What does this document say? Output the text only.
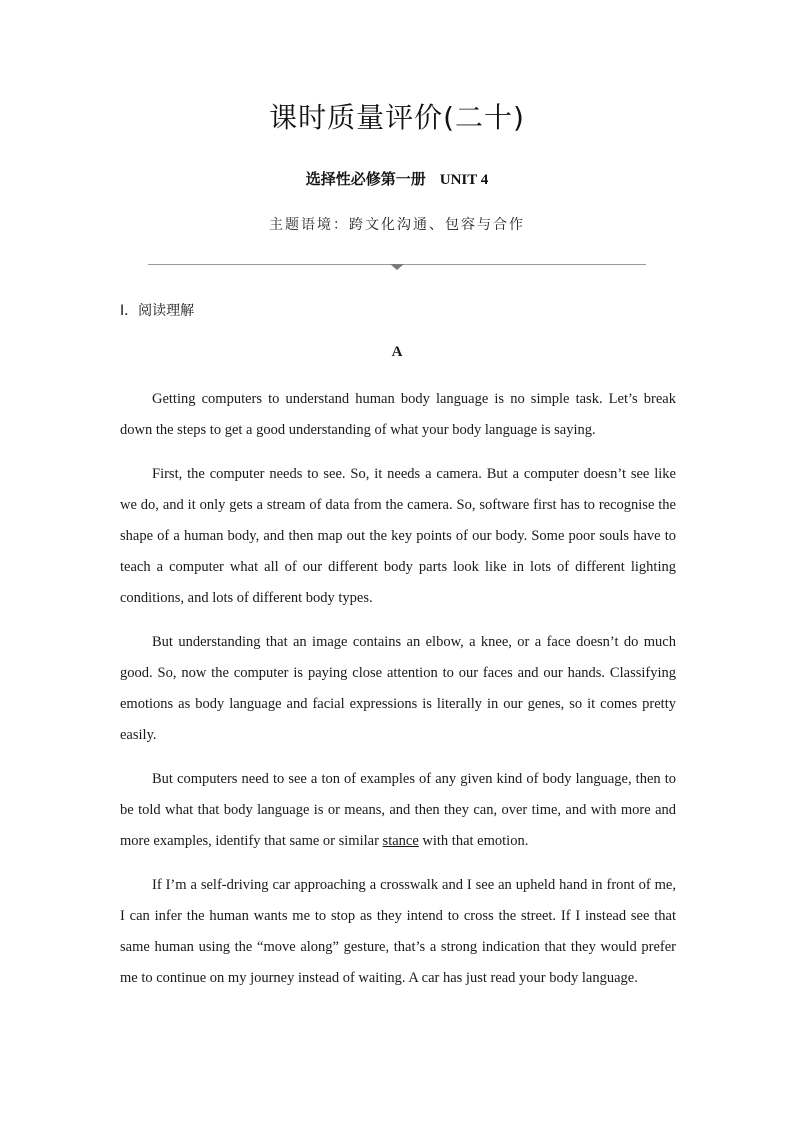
课时质量评价(二十)
选择性必修第一册 UNIT 4
主题语境：跨文化沟通、包容与合作
Ⅰ．阅读理解
A

Getting computers to understand human body language is no simple task. Let’s break down the steps to get a good understanding of what your body language is saying.

First, the computer needs to see. So, it needs a camera. But a computer doesn’t see like we do, and it only gets a stream of data from the camera. So, software first has to recognise the shape of a human body, and then map out the key points of our body. Some poor souls have to teach a computer what all of our different body parts look like in lots of different lighting conditions, and lots of different body types.

But understanding that an image contains an elbow, a knee, or a face doesn’t do much good. So, now the computer is paying close attention to our faces and our hands. Classifying emotions as body language and facial expressions is literally in our genes, so it comes pretty easily.

But computers need to see a ton of examples of any given kind of body language, then to be told what that body language is or means, and then they can, over time, and with more and more examples, identify that same or similar stance with that emotion.

If I’m a self-driving car approaching a crosswalk and I see an upheld hand in front of me, I can infer the human wants me to stop as they intend to cross the street. If I instead see that same human using the “move along” gesture, that’s a strong indication that they would prefer me to continue on my journey instead of waiting. A car has just read your body language.
